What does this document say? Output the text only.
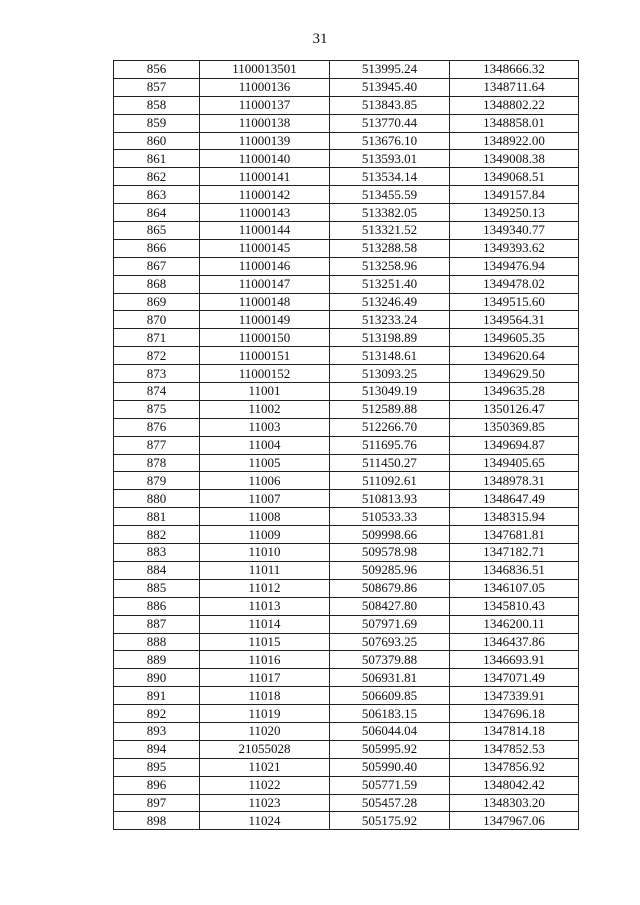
31
856	1100013501	513995.24	1348666.32
857	11000136	513945.40	1348711.64
858	11000137	513843.85	1348802.22
859	11000138	513770.44	1348858.01
860	11000139	513676.10	1348922.00
861	11000140	513593.01	1349008.38
862	11000141	513534.14	1349068.51
863	11000142	513455.59	1349157.84
864	11000143	513382.05	1349250.13
865	11000144	513321.52	1349340.77
866	11000145	513288.58	1349393.62
867	11000146	513258.96	1349476.94
868	11000147	513251.40	1349478.02
869	11000148	513246.49	1349515.60
870	11000149	513233.24	1349564.31
871	11000150	513198.89	1349605.35
872	11000151	513148.61	1349620.64
873	11000152	513093.25	1349629.50
874	11001	513049.19	1349635.28
875	11002	512589.88	1350126.47
876	11003	512266.70	1350369.85
877	11004	511695.76	1349694.87
878	11005	511450.27	1349405.65
879	11006	511092.61	1348978.31
880	11007	510813.93	1348647.49
881	11008	510533.33	1348315.94
882	11009	509998.66	1347681.81
883	11010	509578.98	1347182.71
884	11011	509285.96	1346836.51
885	11012	508679.86	1346107.05
886	11013	508427.80	1345810.43
887	11014	507971.69	1346200.11
888	11015	507693.25	1346437.86
889	11016	507379.88	1346693.91
890	11017	506931.81	1347071.49
891	11018	506609.85	1347339.91
892	11019	506183.15	1347696.18
893	11020	506044.04	1347814.18
894	21055028	505995.92	1347852.53
895	11021	505990.40	1347856.92
896	11022	505771.59	1348042.42
897	11023	505457.28	1348303.20
898	11024	505175.92	1347967.06
